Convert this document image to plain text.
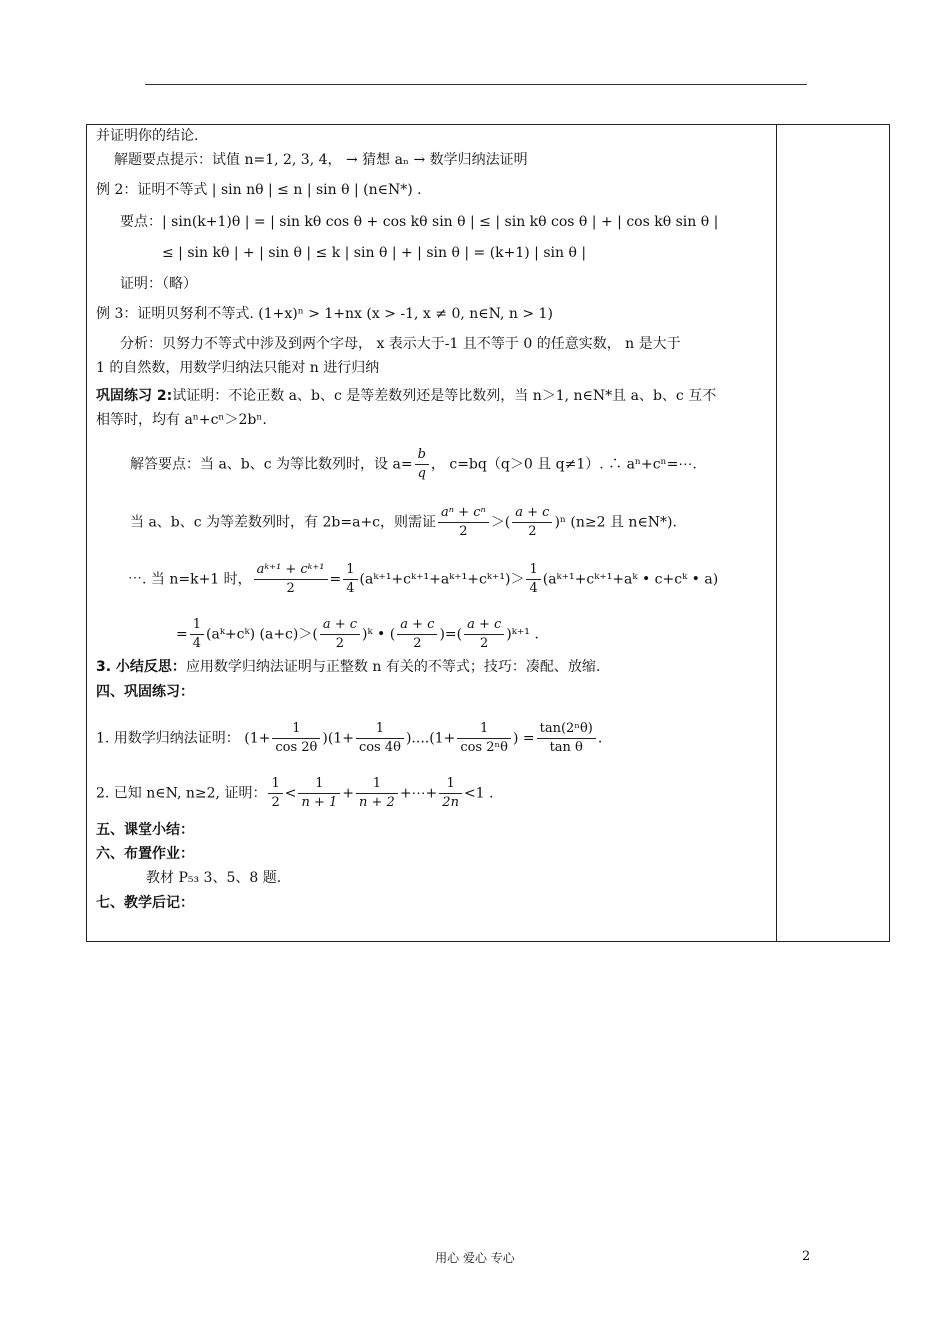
并证明你的结论.
解题要点提示：试值 n=1, 2, 3, 4， → 猜想 aₙ → 数学归纳法证明
例 2：证明不等式 | sin nθ | ≤ n | sin θ | (n∈N*) .
要点：| sin(k+1)θ | = | sin kθ cos θ + cos kθ sin θ | ≤ | sin kθ cos θ | + | cos kθ sin θ |
≤ | sin kθ | + | sin θ | ≤ k | sin θ | + | sin θ | = (k+1) | sin θ |
证明：（略）
例 3：证明贝努利不等式. (1+x)ⁿ > 1+nx (x > -1, x ≠ 0, n∈N, n > 1)
分析：贝努力不等式中涉及到两个字母， x 表示大于-1 且不等于 0 的任意实数， n 是大于
1 的自然数，用数学归纳法只能对 n 进行归纳
巩固练习 2:试证明：不论正数 a、b、c 是等差数列还是等比数列，当 n＞1, n∈N*且 a、b、c 互不
相等时，均有 aⁿ+cⁿ＞2bⁿ.
解答要点：当 a、b、c 为等比数列时，设 $a= \frac{b}{q}$ ， c=bq（q＞0 且 q≠1）. ∴ aⁿ+cⁿ=⋯.
当 a、b、c 为等差数列时，有 2b=a+c，则需证 $\frac{\text{aⁿ + cⁿ}}{2}$ ＞( $\frac{a + c}{2} )^n$ (n≥2 且 n∈N*).
⋯. 当 n=k+1 时， $\frac{\text{aᵏ⁺¹ + cᵏ⁺¹}}{2} = \frac{1}{4}$ (aᵏ⁺¹+cᵏ⁺¹+aᵏ⁺¹+cᵏ⁺¹)＞ $\frac{1}{4}$ (aᵏ⁺¹+cᵏ⁺¹+aᵏ • c+cᵏ • a)
= $\frac{1}{4}$ (aᵏ+cᵏ) $(a+c)>( \frac{a + c}{2}$ )ᵏ • ( $\frac{a + c}{2}$ )=( $\frac{a + c}{2}$ )ᵏ⁺¹ .
3. 小结反思：应用数学归纳法证明与正整数 n 有关的不等式；技巧：凑配、放缩.
四、巩固练习：
1. 用数学归纳法证明： $(1+ \frac{1}{\cos 2\theta} )(1+ \frac{1}{\cos 4\theta} )....(1+ \frac{1}{\text{cos 2ⁿθ}}$ ) = $\frac{\text{tan(2ⁿθ)}}{\text{tan θ}}$ .
2. 已知 n∈N, n≥2, 证明： $\frac{1}{2} < \frac{1}{n + 1} + \frac{1}{n + 2}$ +⋯+ $\frac{1}{2n} <1$ .
五、课堂小结：
六、布置作业：
教材 P₅₃ 3、5、8 题.
七、教学后记：
用心 爱心 专心	2
